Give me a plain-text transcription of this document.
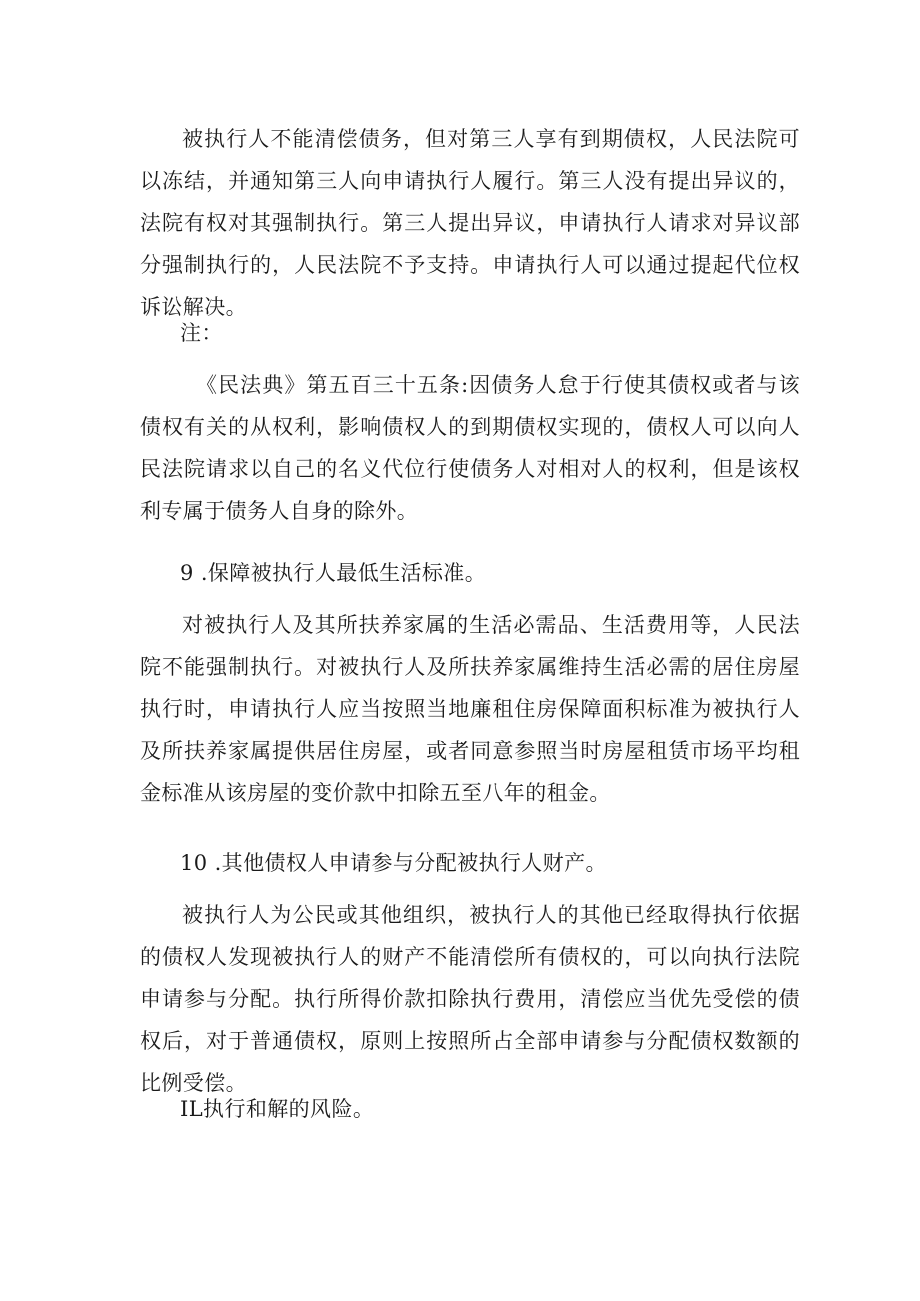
被执行人不能清偿债务，但对第三人享有到期债权，人民法院可以冻结，并通知第三人向申请执行人履行。第三人没有提出异议的，法院有权对其强制执行。第三人提出异议，申请执行人请求对异议部分强制执行的，人民法院不予支持。申请执行人可以通过提起代位权诉讼解决。

注：

《民法典》第五百三十五条:因债务人怠于行使其债权或者与该债权有关的从权利，影响债权人的到期债权实现的，债权人可以向人民法院请求以自己的名义代位行使债务人对相对人的权利，但是该权利专属于债务人自身的除外。

9 .保障被执行人最低生活标准。

对被执行人及其所扶养家属的生活必需品、生活费用等，人民法院不能强制执行。对被执行人及所扶养家属维持生活必需的居住房屋执行时，申请执行人应当按照当地廉租住房保障面积标准为被执行人及所扶养家属提供居住房屋，或者同意参照当时房屋租赁市场平均租金标准从该房屋的变价款中扣除五至八年的租金。

10 .其他债权人申请参与分配被执行人财产。

被执行人为公民或其他组织，被执行人的其他已经取得执行依据的债权人发现被执行人的财产不能清偿所有债权的，可以向执行法院申请参与分配。执行所得价款扣除执行费用，清偿应当优先受偿的债权后，对于普通债权，原则上按照所占全部申请参与分配债权数额的比例受偿。

IL执行和解的风险。
